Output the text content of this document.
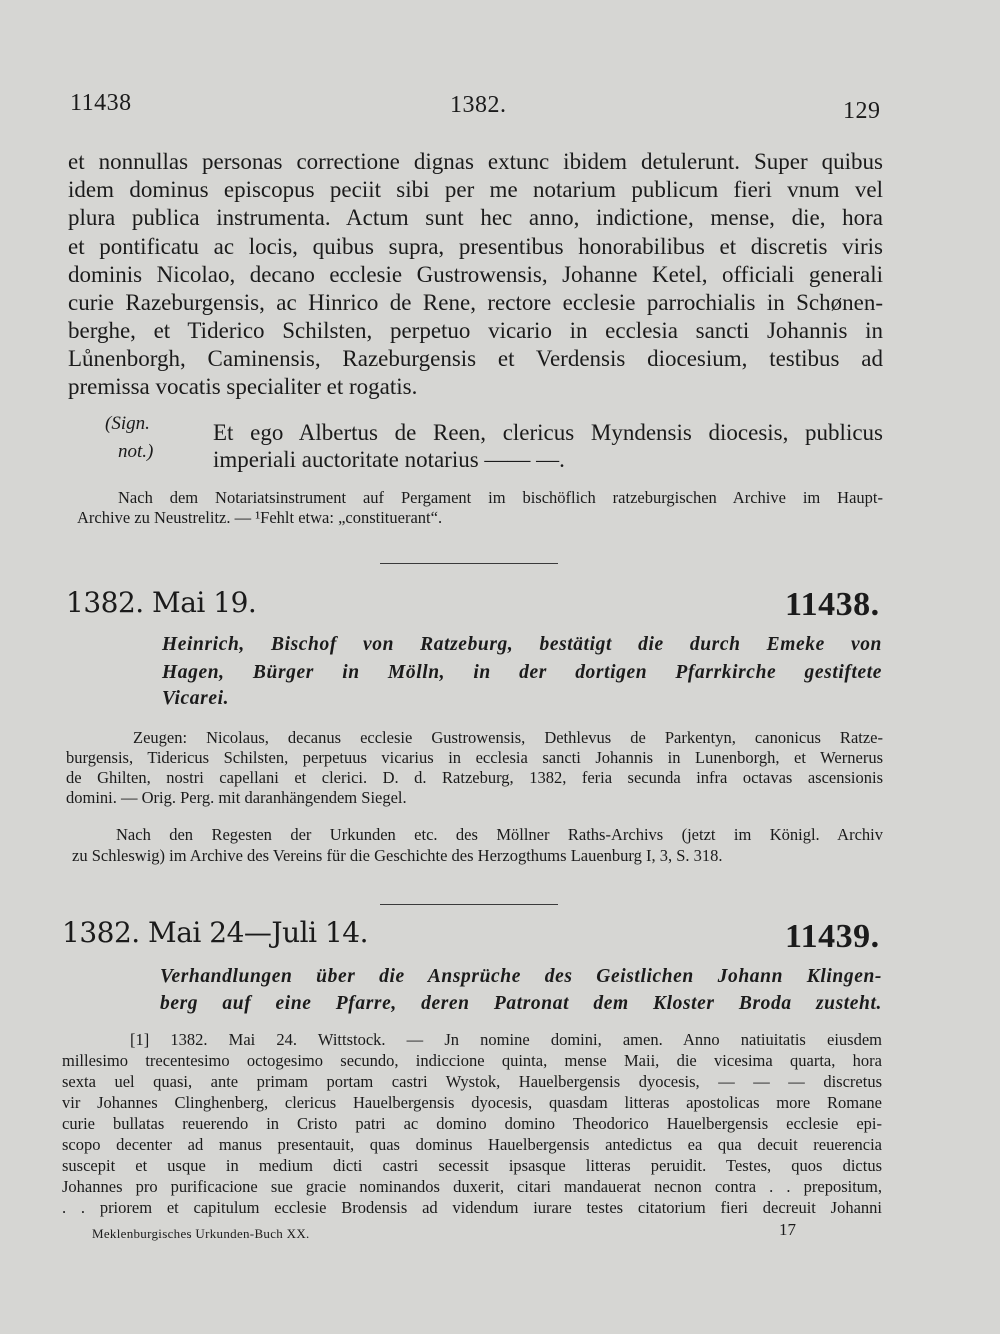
11438	1382.	129
et nonnullas personas correctione dignas extunc ibidem detulerunt. Super quibus
idem dominus episcopus peciit sibi per me notarium publicum fieri vnum vel
plura publica instrumenta. Actum sunt hec anno, indictione, mense, die, hora
et pontificatu ac locis, quibus supra, presentibus honorabilibus et discretis viris
dominis Nicolao, decano ecclesie Gustrowensis, Johanne Ketel, officiali generali
curie Razeburgensis, ac Hinrico de Rene, rectore ecclesie parrochialis in Schønen-
berghe, et Tiderico Schilsten, perpetuo vicario in ecclesia sancti Johannis in
Lůnenborgh, Caminensis, Razeburgensis et Verdensis diocesium, testibus ad
premissa vocatis specialiter et rogatis.
(Sign.
not.)
Et ego Albertus de Reen, clericus Myndensis diocesis, publicus
imperiali auctoritate notarius —— —.
Nach dem Notariatsinstrument auf Pergament im bischöflich ratzeburgischen Archive im Haupt-
Archive zu Neustrelitz. — ¹Fehlt etwa: „constituerant“.
1382. Mai 19.	11438.
Heinrich, Bischof von Ratzeburg, bestätigt die durch Emeke von
Hagen, Bürger in Mölln, in der dortigen Pfarrkirche gestiftete
Vicarei.
Zeugen: Nicolaus, decanus ecclesie Gustrowensis, Dethlevus de Parkentyn, canonicus Ratze-
burgensis, Tidericus Schilsten, perpetuus vicarius in ecclesia sancti Johannis in Lunenborgh, et Wernerus
de Ghilten, nostri capellani et clerici. D. d. Ratzeburg, 1382, feria secunda infra octavas ascensionis
domini. — Orig. Perg. mit daranhängendem Siegel.
Nach den Regesten der Urkunden etc. des Möllner Raths-Archivs (jetzt im Königl. Archiv
zu Schleswig) im Archive des Vereins für die Geschichte des Herzogthums Lauenburg I, 3, S. 318.
1382. Mai 24—Juli 14.	11439.
Verhandlungen über die Ansprüche des Geistlichen Johann Klingen-
berg auf eine Pfarre, deren Patronat dem Kloster Broda zusteht.
[1] 1382. Mai 24. Wittstock. — Jn nomine domini, amen. Anno natiuitatis eiusdem
millesimo trecentesimo octogesimo secundo, indiccione quinta, mense Maii, die vicesima quarta, hora
sexta uel quasi, ante primam portam castri Wystok, Hauelbergensis dyocesis, — — — discretus
vir Johannes Clinghenberg, clericus Hauelbergensis dyocesis, quasdam litteras apostolicas more Romane
curie bullatas reuerendo in Cristo patri ac domino domino Theodorico Hauelbergensis ecclesie epi-
scopo decenter ad manus presentauit, quas dominus Hauelbergensis antedictus ea qua decuit reuerencia
suscepit et usque in medium dicti castri secessit ipsasque litteras peruidit. Testes, quos dictus
Johannes pro purificacione sue gracie nominandos duxerit, citari mandauerat necnon contra . . prepositum,
. . priorem et capitulum ecclesie Brodensis ad videndum iurare testes citatorium fieri decreuit Johanni
Meklenburgisches Urkunden-Buch XX.	17
